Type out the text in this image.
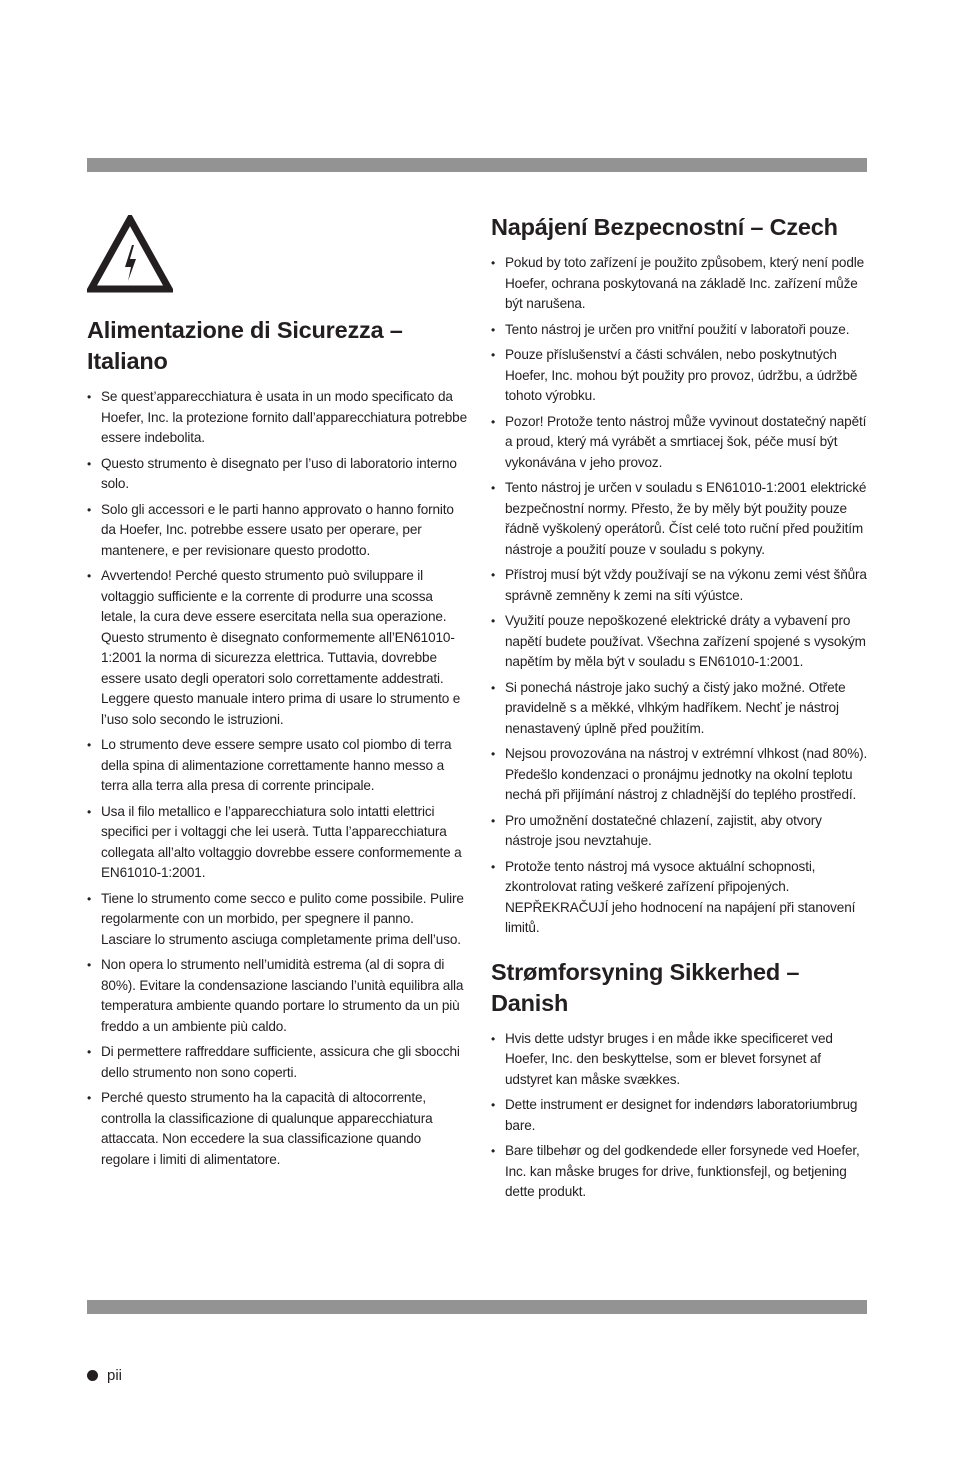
Alimentazione di Sicurezza – Italiano
• Se quest’apparecchiatura è usata in un modo specificato da Hoefer, Inc. la protezione fornito dall’apparecchiatura potrebbe essere indebolita.
• Questo strumento è disegnato per l’uso di laboratorio interno solo.
• Solo gli accessori e le parti hanno approvato o hanno fornito da Hoefer, Inc. potrebbe essere usato per operare, per mantenere, e per revisionare questo prodotto.
• Avvertendo! Perché questo strumento può sviluppare il voltaggio sufficiente e la corrente di produrre una scossa letale, la cura deve essere esercitata nella sua operazione. Questo strumento è disegnato conformemente all’EN61010-1:2001 la norma di sicurezza elettrica. Tuttavia, dovrebbe essere usato degli operatori solo correttamente addestrati. Leggere questo manuale intero prima di usare lo strumento e l’uso solo secondo le istruzioni.
• Lo strumento deve essere sempre usato col piombo di terra della spina di alimentazione correttamente hanno messo a terra alla terra alla presa di corrente principale.
• Usa il filo metallico e l’apparecchiatura solo intatti elettrici specifici per i voltaggi che lei userà. Tutta l’apparecchiatura collegata all’alto voltaggio dovrebbe essere conformemente a EN61010-1:2001.
• Tiene lo strumento come secco e pulito come possibile. Pulire regolarmente con un morbido, per spegnere il panno. Lasciare lo strumento asciuga completamente prima dell’uso.
• Non opera lo strumento nell’umidità estrema (al di sopra di 80%). Evitare la condensazione lasciando l’unità equilibra alla temperatura ambiente quando portare lo strumento da un più freddo a un ambiente più caldo.
• Di permettere raffreddare sufficiente, assicura che gli sbocchi dello strumento non sono coperti.
• Perché questo strumento ha la capacità di altocorrente, controlla la classificazione di qualunque apparecchiatura attaccata. Non eccedere la sua classificazione quando regolare i limiti di alimentatore.
Napájení Bezpecnostní – Czech
• Pokud by toto zařízení je použito způsobem, který není podle Hoefer, ochrana poskytovaná na základě Inc. zařízení může být narušena.
• Tento nástroj je určen pro vnitřní použití v laboratoři pouze.
• Pouze příslušenství a části schválen, nebo poskytnutých Hoefer, Inc. mohou být použity pro provoz, údržbu, a údržbě tohoto výrobku.
• Pozor! Protože tento nástroj může vyvinout dostatečný napětí a proud, který má vyrábět a smrtiacej šok, péče musí být vykonávána v jeho provoz.
• Tento nástroj je určen v souladu s EN61010-1:2001 elektrické bezpečnostní normy. Přesto, že by měly být použity pouze řádně vyškolený operátorů. Číst celé toto ruční před použitím nástroje a použití pouze v souladu s pokyny.
• Přístroj musí být vždy používají se na výkonu zemi vést šňůra správně zemněny k zemi na síti výústce.
• Využití pouze nepoškozené elektrické dráty a vybavení pro napětí budete používat. Všechna zařízení spojené s vysokým napětím by měla být v souladu s EN61010-1:2001.
• Si ponechá nástroje jako suchý a čistý jako možné. Otřete pravidelně s a měkké, vlhkým hadříkem. Nechť je nástroj nenastavený úplně před použitím.
• Nejsou provozována na nástroj v extrémní vlhkost (nad 80%). Předešlo kondenzaci o pronájmu jednotky na okolní teplotu nechá při přijímání nástroj z chladnější do teplého prostředí.
• Pro umožnění dostatečné chlazení, zajistit, aby otvory nástroje jsou nevztahuje.
• Protože tento nástroj má vysoce aktuální schopnosti, zkontrolovat rating veškeré zařízení připojených. NEPŘEKRAČUJÍ jeho hodnocení na napájení při stanovení limitů.
Strømforsyning Sikkerhed – Danish
• Hvis dette udstyr bruges i en måde ikke specificeret ved Hoefer, Inc. den beskyttelse, som er blevet forsynet af udstyret kan måske svækkes.
• Dette instrument er designet for indendørs laboratoriumbrug bare.
• Bare tilbehør og del godkendede eller forsynede ved Hoefer, Inc. kan måske bruges for drive, funktionsfejl, og betjening dette produkt.
pii
